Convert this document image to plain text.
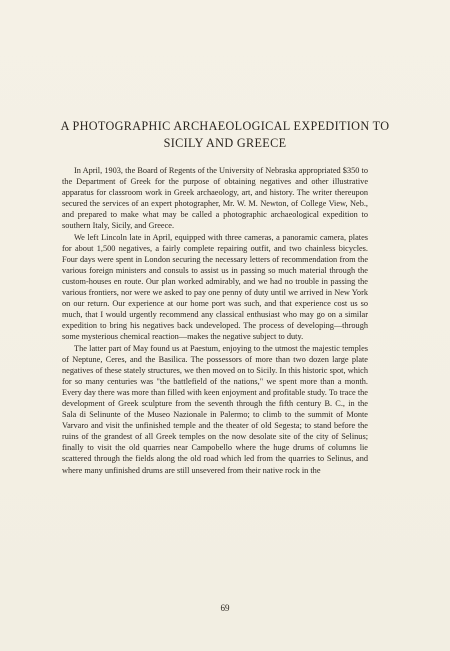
A PHOTOGRAPHIC ARCHAEOLOGICAL EXPEDITION TO
SICILY AND GREECE

In April, 1903, the Board of Regents of the University of Nebraska appropriated $350 to the Department of Greek for the purpose of obtaining negatives and other illustrative apparatus for classroom work in Greek archaeology, art, and history. The writer thereupon secured the services of an expert photographer, Mr. W. M. Newton, of College View, Neb., and prepared to make what may be called a photographic archaeological expedition to southern Italy, Sicily, and Greece.

We left Lincoln late in April, equipped with three cameras, a panoramic camera, plates for about 1,500 negatives, a fairly complete repairing outfit, and two chainless bicycles. Four days were spent in London securing the necessary letters of recommendation from the various foreign ministers and consuls to assist us in passing so much material through the custom-houses en route. Our plan worked admirably, and we had no trouble in passing the various frontiers, nor were we asked to pay one penny of duty until we arrived in New York on our return. Our experience at our home port was such, and that experience cost us so much, that I would urgently recommend any classical enthusiast who may go on a similar expedition to bring his negatives back undeveloped. The process of developing—through some mysterious chemical reaction—makes the negative subject to duty.

The latter part of May found us at Paestum, enjoying to the utmost the majestic temples of Neptune, Ceres, and the Basilica. The possessors of more than two dozen large plate negatives of these stately structures, we then moved on to Sicily. In this historic spot, which for so many centuries was "the battlefield of the nations," we spent more than a month. Every day there was more than filled with keen enjoyment and profitable study. To trace the development of Greek sculpture from the seventh through the fifth century B. C., in the Sala di Selinunte of the Museo Nazionale in Palermo; to climb to the summit of Monte Varvaro and visit the unfinished temple and the theater of old Segesta; to stand before the ruins of the grandest of all Greek temples on the now desolate site of the city of Selinus; finally to visit the old quarries near Campobello where the huge drums of columns lie scattered through the fields along the old road which led from the quarries to Selinus, and where many unfinished drums are still unsevered from their native rock in the

69
